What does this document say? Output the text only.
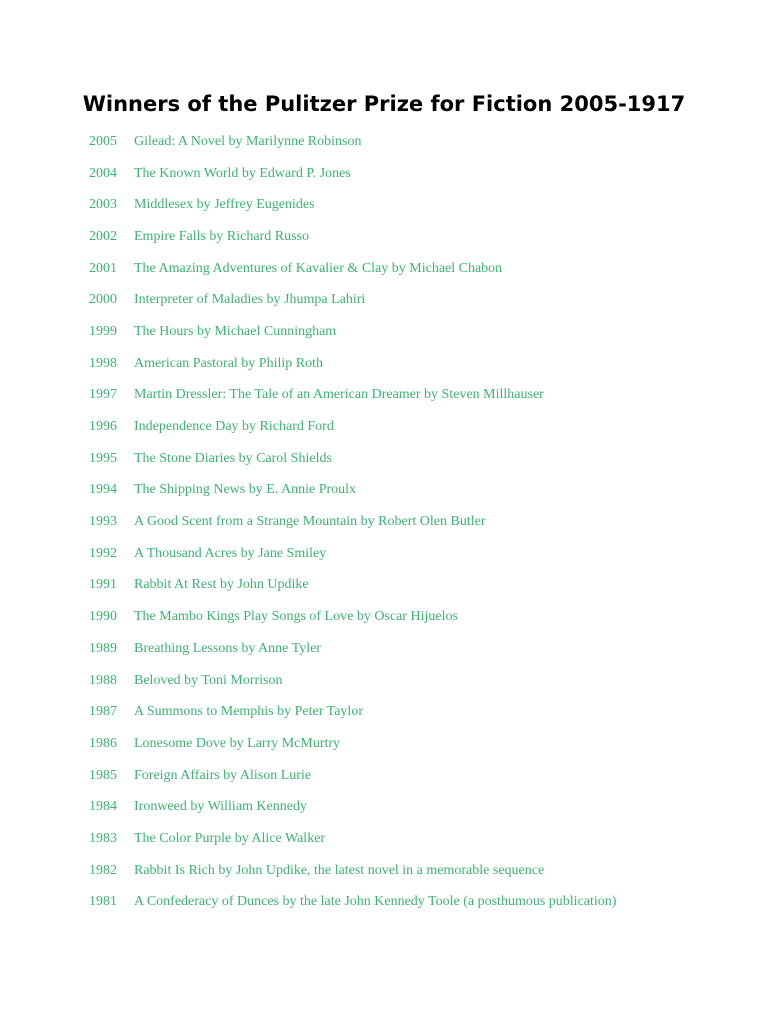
Winners of the Pulitzer Prize for Fiction 2005-1917
2005	Gilead: A Novel by Marilynne Robinson
2004	The Known World by Edward P. Jones
2003	Middlesex by Jeffrey Eugenides
2002	Empire Falls by Richard Russo
2001	The Amazing Adventures of Kavalier & Clay by Michael Chabon
2000	Interpreter of Maladies by Jhumpa Lahiri
1999	The Hours by Michael Cunningham
1998	American Pastoral by Philip Roth
1997	Martin Dressler: The Tale of an American Dreamer by Steven Millhauser
1996	Independence Day by Richard Ford
1995	The Stone Diaries by Carol Shields
1994	The Shipping News by E. Annie Proulx
1993	A Good Scent from a Strange Mountain by Robert Olen Butler
1992	A Thousand Acres by Jane Smiley
1991	Rabbit At Rest by John Updike
1990	The Mambo Kings Play Songs of Love by Oscar Hijuelos
1989	Breathing Lessons by Anne Tyler
1988	Beloved by Toni Morrison
1987	A Summons to Memphis by Peter Taylor
1986	Lonesome Dove by Larry McMurtry
1985	Foreign Affairs by Alison Lurie
1984	Ironweed by William Kennedy
1983	The Color Purple by Alice Walker
1982	Rabbit Is Rich by John Updike, the latest novel in a memorable sequence
1981	A Confederacy of Dunces by the late John Kennedy Toole (a posthumous publication)
